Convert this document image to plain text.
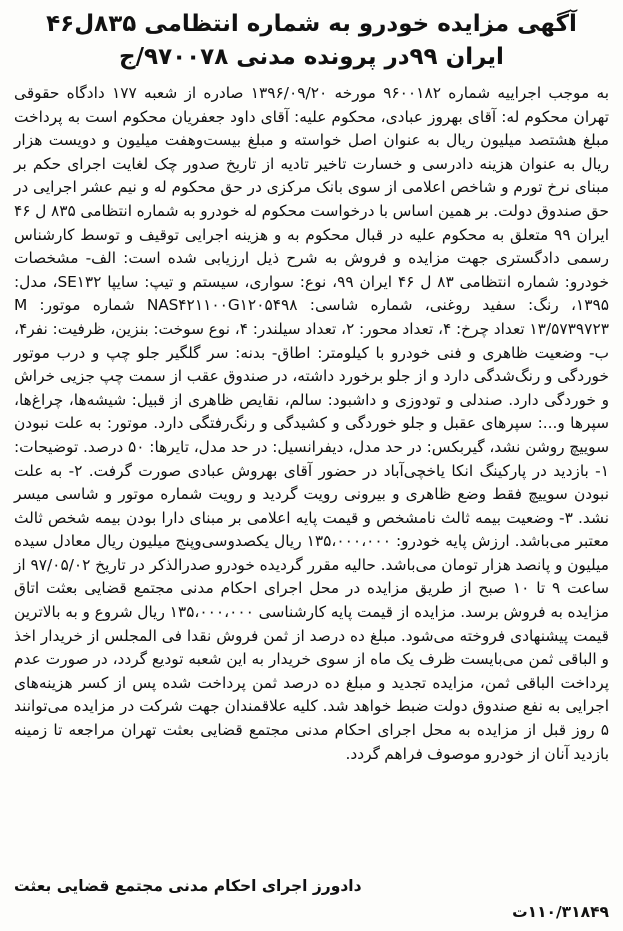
آگهی مزایده خودرو به شماره انتظامی ۸۳۵ل۴۶ ایران ۹۹در پرونده مدنی ۹۷۰۰۷۸/ج

به موجب اجراییه شماره ۹۶۰۰۱۸۲ مورخه ۱۳۹۶/۰۹/۲۰ صادره از شعبه ۱۷۷ دادگاه حقوقی تهران محکوم له: آقای بهروز عبادی، محکوم علیه: آقای داود جعفریان محکوم است به پرداخت مبلغ هشتصد میلیون ریال به عنوان اصل خواسته و مبلغ بیست‌وهفت میلیون و دویست هزار ریال به عنوان هزینه دادرسی و خسارت تاخیر تادیه از تاریخ صدور چک لغایت اجرای حکم بر مبنای نرخ تورم و شاخص اعلامی از سوی بانک مرکزی در حق محکوم له و نیم عشر اجرایی در حق صندوق دولت. بر همین اساس با درخواست محکوم له خودرو به شماره انتظامی ۸۳۵ ل ۴۶ ایران ۹۹ متعلق به محکوم علیه در قبال محکوم به و هزینه اجرایی توقیف و توسط کارشناس رسمی دادگستری جهت مزایده و فروش به شرح ذیل ارزیابی شده است: الف- مشخصات خودرو: شماره انتظامی ۸۳ ل ۴۶ ایران ۹۹، نوع: سواری، سیستم و تیپ: سایپا SE۱۳۲، مدل: ۱۳۹۵، رنگ: سفید روغنی، شماره شاسی: NAS۴۲۱۱۰۰G۱۲۰۵۴۹۸ شماره موتور: M ۱۳/۵۷۳۹۷۲۳ تعداد چرخ: ۴، تعداد محور: ۲، تعداد سیلندر: ۴، نوع سوخت: بنزین، ظرفیت: نفر۴، ب- وضعیت ظاهری و فنی خودرو با کیلومتر: اطاق- بدنه: سر گلگیر جلو چپ و درب موتور خوردگی و رنگ‌شدگی دارد و از جلو برخورد داشته، در صندوق عقب از سمت چپ جزیی خراش و خوردگی دارد. صندلی و تودوزی و داشبود: سالم، نقایص ظاهری از قبیل: شیشه‌ها، چراغ‌ها، سپرها و...: سپرهای عقبل و جلو خوردگی و کشیدگی و رنگ‌رفتگی دارد. موتور: به علت نبودن سوییچ روشن نشد، گیربکس: در حد مدل، دیفرانسیل: در حد مدل، تایرها: ۵۰ درصد. توضیحات: ۱- بازدید در پارکینگ انکا یاخچی‌آباد در حضور آقای بهروش عبادی صورت گرفت. ۲- به علت نبودن سوییچ فقط وضع ظاهری و بیرونی رویت گردید و رویت شماره موتور و شاسی میسر نشد. ۳- وضعیت بیمه ثالث نامشخص و قیمت پایه اعلامی بر مبنای دارا بودن بیمه شخص ثالث معتبر می‌باشد. ارزش پایه خودرو: ۱۳۵،۰۰۰،۰۰۰ ریال یکصدوسی‌وپنج میلیون ریال معادل سیده میلیون و پانصد هزار تومان می‌باشد. حالیه مقرر گردیده خودرو صدرالذکر در تاریخ ۹۷/۰۵/۰۲ از ساعت ۹ تا ۱۰ صبح از طریق مزایده در محل اجرای احکام مدنی مجتمع قضایی بعثت اتاق مزایده به فروش برسد. مزایده از قیمت پایه کارشناسی ۱۳۵،۰۰۰،۰۰۰ ریال شروع و به بالاترین قیمت پیشنهادی فروخته می‌شود. مبلغ ده درصد از ثمن فروش نقدا فی المجلس از خریدار اخذ و الباقی ثمن می‌بایست ظرف یک ماه از سوی خریدار به این شعبه تودیع گردد، در صورت عدم پرداخت الباقی ثمن، مزایده تجدید و مبلغ ده درصد ثمن پرداخت شده پس از کسر هزینه‌های اجرایی به نفع صندوق دولت ضبط خواهد شد. کلیه علاقمندان جهت شرکت در مزایده می‌توانند ۵ روز قبل از مزایده به محل اجرای احکام مدنی مجتمع قضایی بعثت تهران مراجعه تا زمینه بازدید آنان از خودرو موصوف فراهم گردد.

دادورز اجرای احکام مدنی مجتمع قضایی بعثت
۱۱۰/۳۱۸۴۹ت
